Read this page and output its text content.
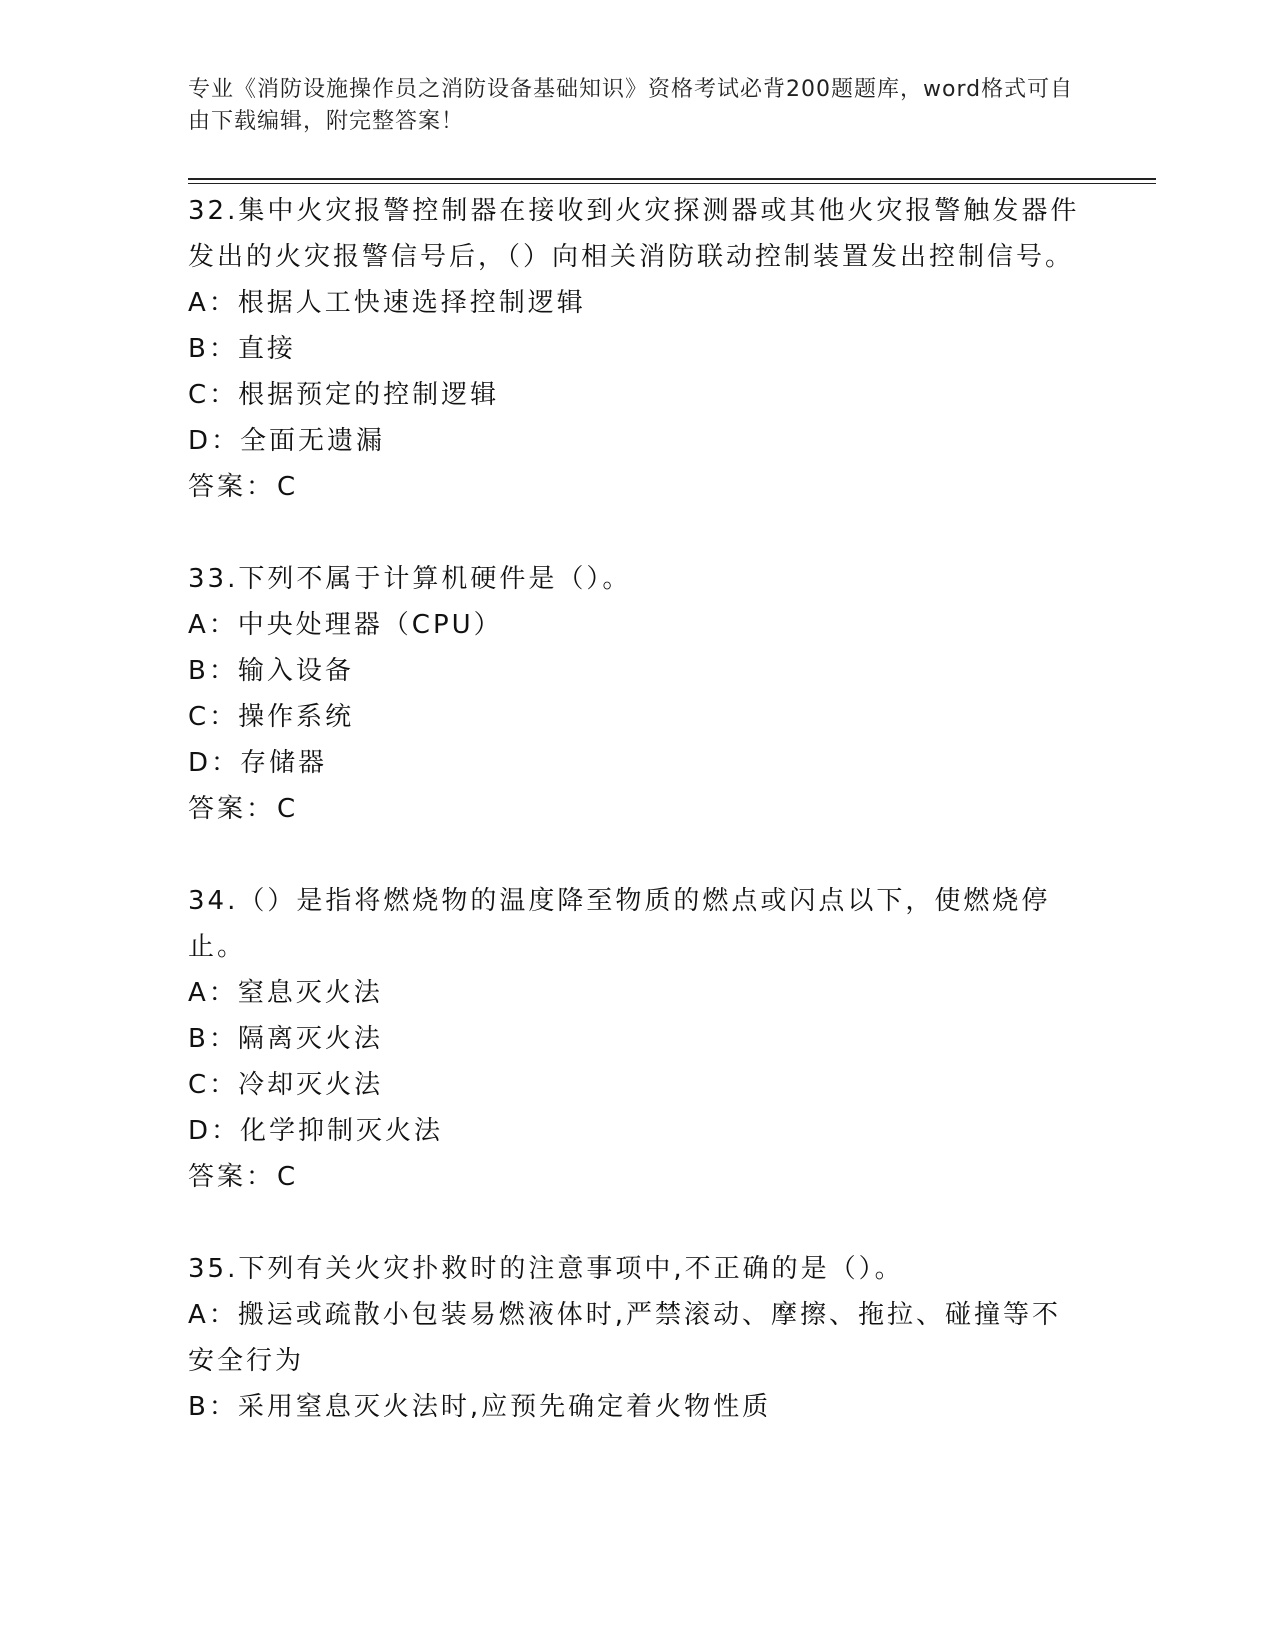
专业《消防设施操作员之消防设备基础知识》资格考试必背200题题库，word格式可自由下载编辑，附完整答案！
32.集中火灾报警控制器在接收到火灾探测器或其他火灾报警触发器件发出的火灾报警信号后，（）向相关消防联动控制装置发出控制信号。
A：根据人工快速选择控制逻辑
B：直接
C：根据预定的控制逻辑
D：全面无遗漏
答案：C
33.下列不属于计算机硬件是（）。
A：中央处理器（CPU）
B：输入设备
C：操作系统
D：存储器
答案：C
34.（）是指将燃烧物的温度降至物质的燃点或闪点以下，使燃烧停止。
A：窒息灭火法
B：隔离灭火法
C：冷却灭火法
D：化学抑制灭火法
答案：C
35.下列有关火灾扑救时的注意事项中,不正确的是（）。
A：搬运或疏散小包装易燃液体时,严禁滚动、摩擦、拖拉、碰撞等不安全行为
B：采用窒息灭火法时,应预先确定着火物性质
